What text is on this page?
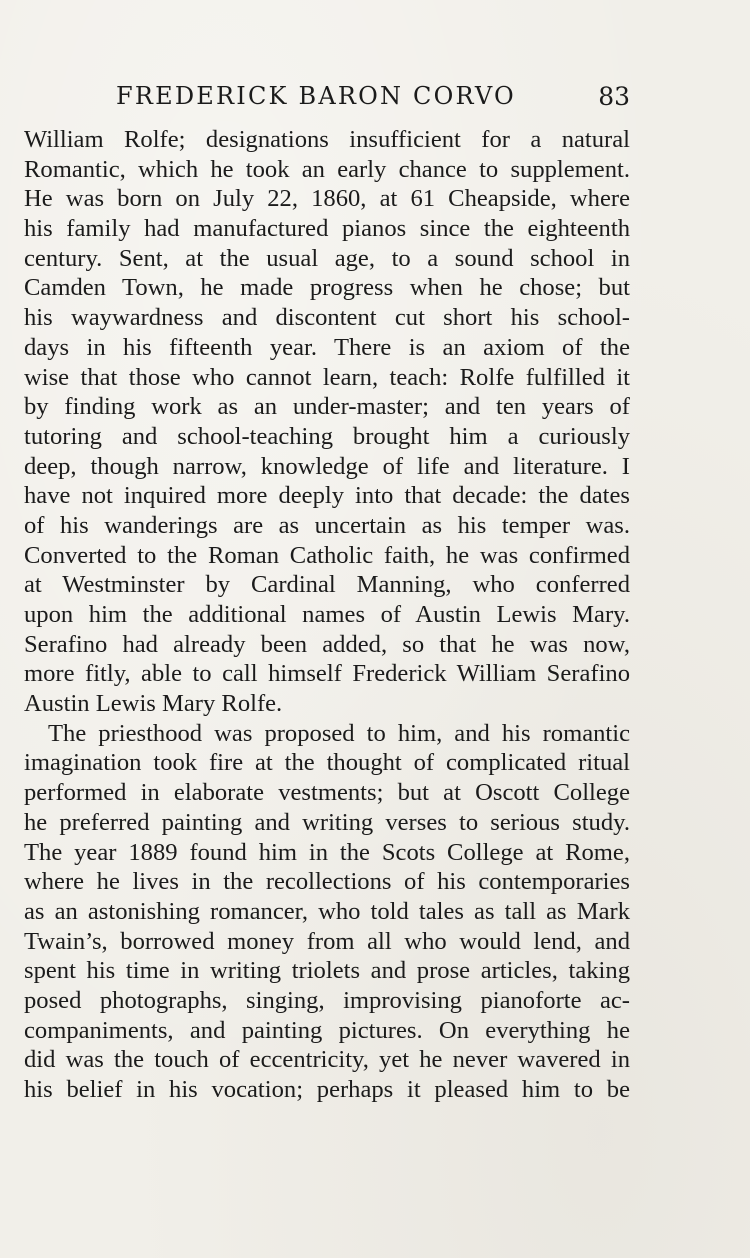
FREDERICK BARON CORVO	83
William Rolfe; designations insufficient for a natural
Romantic, which he took an early chance to supplement.
He was born on July 22, 1860, at 61 Cheapside, where
his family had manufactured pianos since the eighteenth
century. Sent, at the usual age, to a sound school in
Camden Town, he made progress when he chose; but
his waywardness and discontent cut short his school-
days in his fifteenth year. There is an axiom of the
wise that those who cannot learn, teach: Rolfe fulfilled it
by finding work as an under-master; and ten years of
tutoring and school-teaching brought him a curiously
deep, though narrow, knowledge of life and literature. I
have not inquired more deeply into that decade: the dates
of his wanderings are as uncertain as his temper was.
Converted to the Roman Catholic faith, he was confirmed
at Westminster by Cardinal Manning, who conferred
upon him the additional names of Austin Lewis Mary.
Serafino had already been added, so that he was now,
more fitly, able to call himself Frederick William Serafino
Austin Lewis Mary Rolfe.
The priesthood was proposed to him, and his romantic
imagination took fire at the thought of complicated ritual
performed in elaborate vestments; but at Oscott College
he preferred painting and writing verses to serious study.
The year 1889 found him in the Scots College at Rome,
where he lives in the recollections of his contemporaries
as an astonishing romancer, who told tales as tall as Mark
Twain’s, borrowed money from all who would lend, and
spent his time in writing triolets and prose articles, taking
posed photographs, singing, improvising pianoforte ac-
companiments, and painting pictures. On everything he
did was the touch of eccentricity, yet he never wavered in
his belief in his vocation; perhaps it pleased him to be
